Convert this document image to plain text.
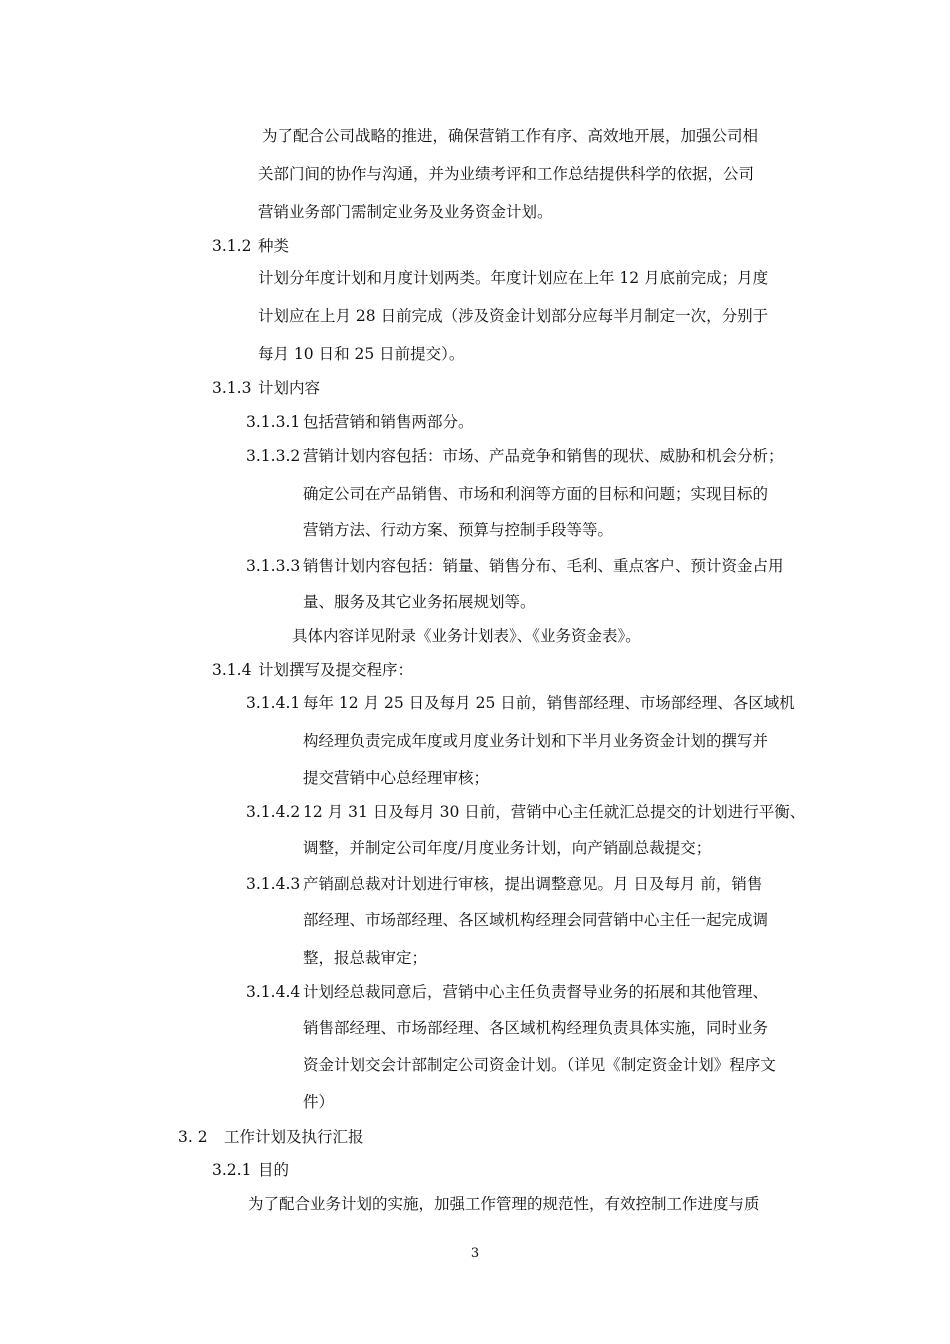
为了配合公司战略的推进，确保营销工作有序、高效地开展，加强公司相
关部门间的协作与沟通，并为业绩考评和工作总结提供科学的依据，公司
营销业务部门需制定业务及业务资金计划。
3.1.2 种类
计划分年度计划和月度计划两类。年度计划应在上年 12 月底前完成；月度
计划应在上月 28 日前完成（涉及资金计划部分应每半月制定一次，分别于
每月 10 日和 25 日前提交）。
3.1.3 计划内容
3.1.3.1 包括营销和销售两部分。
3.1.3.2 营销计划内容包括：市场、产品竞争和销售的现状、威胁和机会分析；
确定公司在产品销售、市场和利润等方面的目标和问题；实现目标的
营销方法、行动方案、预算与控制手段等等。
3.1.3.3 销售计划内容包括：销量、销售分布、毛利、重点客户、预计资金占用
量、服务及其它业务拓展规划等。
具体内容详见附录《业务计划表》、《业务资金表》。
3.1.4 计划撰写及提交程序：
3.1.4.1 每年 12 月 25 日及每月 25 日前，销售部经理、市场部经理、各区域机
构经理负责完成年度或月度业务计划和下半月业务资金计划的撰写并
提交营销中心总经理审核；
3.1.4.2 12 月 31 日及每月 30 日前，营销中心主任就汇总提交的计划进行平衡、
调整，并制定公司年度/月度业务计划，向产销副总裁提交；
3.1.4.3 产销副总裁对计划进行审核，提出调整意见。月 日及每月 前，销售
部经理、市场部经理、各区域机构经理会同营销中心主任一起完成调
整，报总裁审定；
3.1.4.4 计划经总裁同意后，营销中心主任负责督导业务的拓展和其他管理、
销售部经理、市场部经理、各区域机构经理负责具体实施，同时业务
资金计划交会计部制定公司资金计划。（详见《制定资金计划》程序文
件）
3. 2 工作计划及执行汇报
3.2.1 目的
为了配合业务计划的实施，加强工作管理的规范性，有效控制工作进度与质
3
